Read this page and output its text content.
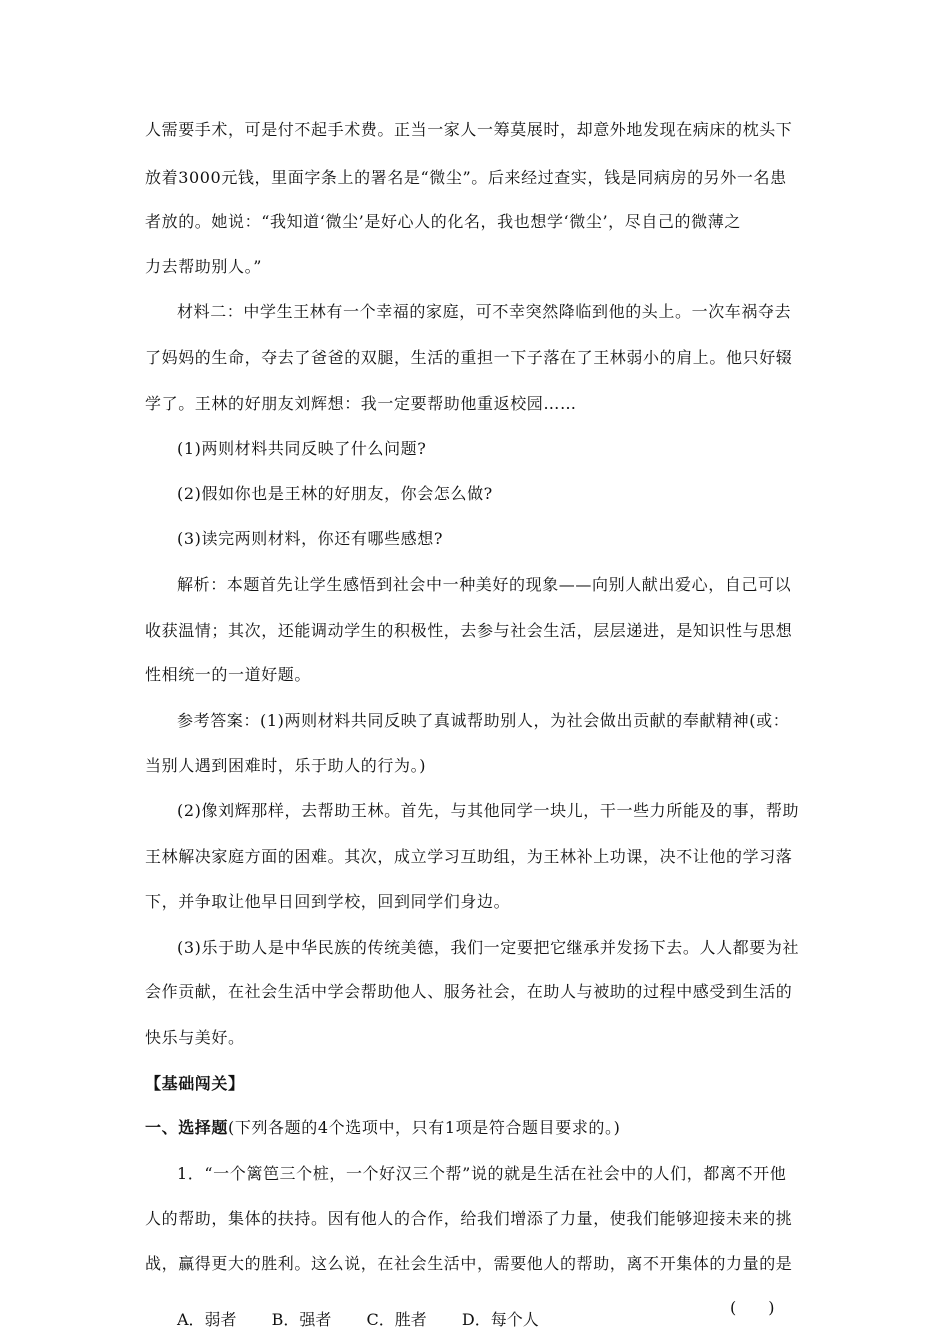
人需要手术，可是付不起手术费。正当一家人一筹莫展时，却意外地发现在病床的枕头下
放着3000元钱，里面字条上的署名是“微尘”。后来经过查实，钱是同病房的另外一名患
者放的。她说：“我知道‘微尘’是好心人的化名，我也想学‘微尘’，尽自己的微薄之
力去帮助别人。”
材料二：中学生王林有一个幸福的家庭，可不幸突然降临到他的头上。一次车祸夺去
了妈妈的生命，夺去了爸爸的双腿，生活的重担一下子落在了王林弱小的肩上。他只好辍
学了。王林的好朋友刘辉想：我一定要帮助他重返校园……
(1)两则材料共同反映了什么问题?
(2)假如你也是王林的好朋友，你会怎么做?
(3)读完两则材料，你还有哪些感想?
解析：本题首先让学生感悟到社会中一种美好的现象——向别人献出爱心，自己可以
收获温情；其次，还能调动学生的积极性，去参与社会生活，层层递进，是知识性与思想
性相统一的一道好题。
参考答案：(1)两则材料共同反映了真诚帮助别人，为社会做出贡献的奉献精神(或：
当别人遇到困难时，乐于助人的行为。)
(2)像刘辉那样，去帮助王林。首先，与其他同学一块儿，干一些力所能及的事，帮助
王林解决家庭方面的困难。其次，成立学习互助组，为王林补上功课，决不让他的学习落
下，并争取让他早日回到学校，回到同学们身边。
(3)乐于助人是中华民族的传统美德，我们一定要把它继承并发扬下去。人人都要为社
会作贡献，在社会生活中学会帮助他人、服务社会，在助人与被助的过程中感受到生活的
快乐与美好。
【基础闯关】
一、选择题(下列各题的4个选项中，只有1项是符合题目要求的。)
1．“一个篱笆三个桩，一个好汉三个帮”说的就是生活在社会中的人们，都离不开他
人的帮助，集体的扶持。因有他人的合作，给我们增添了力量，使我们能够迎接未来的挑
战，赢得更大的胜利。这么说，在社会生活中，需要他人的帮助，离不开集体的力量的是
(　　)
A．弱者 B．强者 C．胜者 D．每个人
